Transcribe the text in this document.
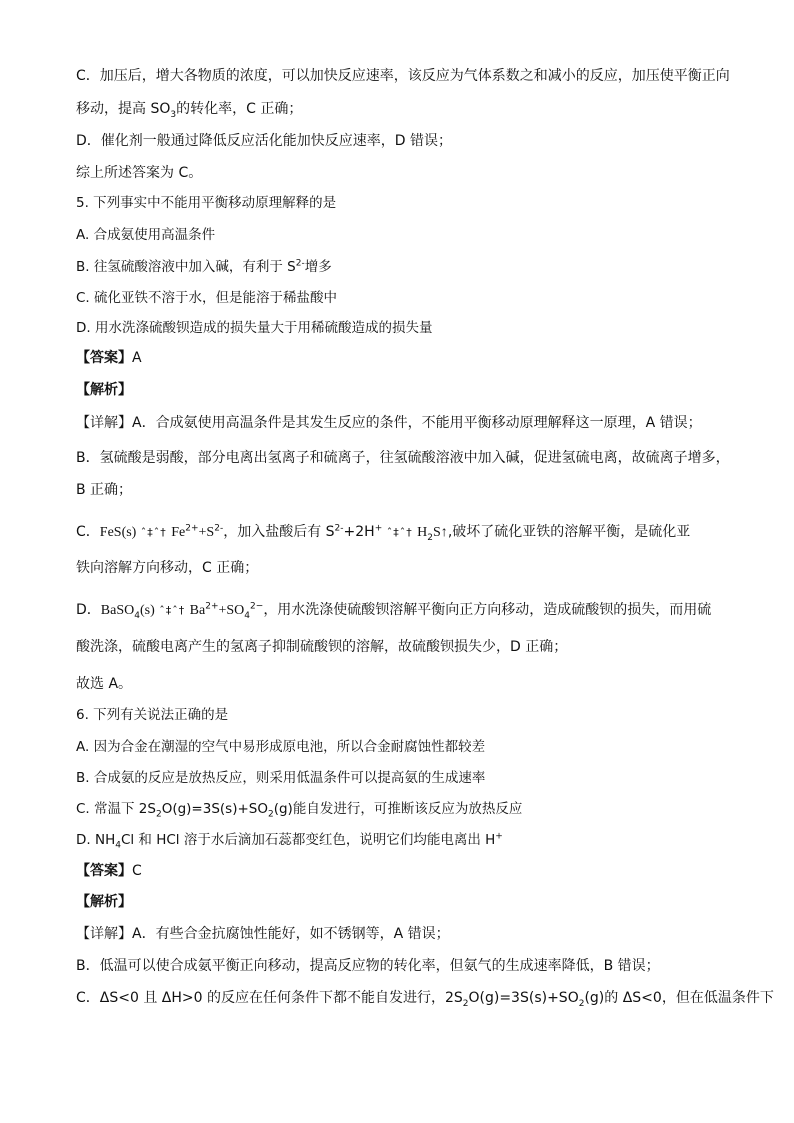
C．加压后，增大各物质的浓度，可以加快反应速率，该反应为气体系数之和减小的反应，加压使平衡正向
移动，提高 $SO_3$的转化率，C 正确；
D．催化剂一般通过降低反应活化能加快反应速率，D 错误；
综上所述答案为 C。
5. 下列事实中不能用平衡移动原理解释的是
A. 合成氨使用高温条件
B. 往氢硫酸溶液中加入碱，有利于 $S^{2-}$增多
C. 硫化亚铁不溶于水，但是能溶于稀盐酸中
D. 用水洗涤硫酸钡造成的损失量大于用稀硫酸造成的损失量
【答案】A
【解析】
【详解】A．合成氨使用高温条件是其发生反应的条件，不能用平衡移动原理解释这一原理，A 错误；
B．氢硫酸是弱酸，部分电离出氢离子和硫离子，往氢硫酸溶液中加入碱，促进氢硫电离，故硫离子增多，
B 正确；
C．FeS(s) ˆ‡ˆ† $Fe^{2+}+S^{2-}$，加入盐酸后有 $S^{2-}+2H^+$ ˆ‡ˆ† $H_2S↑$,破坏了硫化亚铁的溶解平衡，是硫化亚
铁向溶解方向移动，C 正确；
D．BaSO$_4$(s) ˆ‡ˆ† $Ba^{2+}+SO_4^{2-}$，用水洗涤使硫酸钡溶解平衡向正方向移动，造成硫酸钡的损失，而用硫
酸洗涤，硫酸电离产生的氢离子抑制硫酸钡的溶解，故硫酸钡损失少，D 正确；
故选 A。
6. 下列有关说法正确的是
A. 因为合金在潮湿的空气中易形成原电池，所以合金耐腐蚀性都较差
B. 合成氨的反应是放热反应，则采用低温条件可以提高氨的生成速率
C. 常温下 $2S_2O(g)=3S(s)+SO_2(g)$能自发进行，可推断该反应为放热反应
D. $NH_4Cl$ 和 HCl 溶于水后滴加石蕊都变红色，说明它们均能电离出 H+
【答案】C
【解析】
【详解】A．有些合金抗腐蚀性能好，如不锈钢等，A 错误；
B．低温可以使合成氨平衡正向移动，提高反应物的转化率，但氨气的生成速率降低，B 错误；
C．ΔS<0 且 ΔH>0 的反应在任何条件下都不能自发进行，$2S_2O(g)=3S(s)+SO_2(g)$的 ΔS<0，但在低温条件下
